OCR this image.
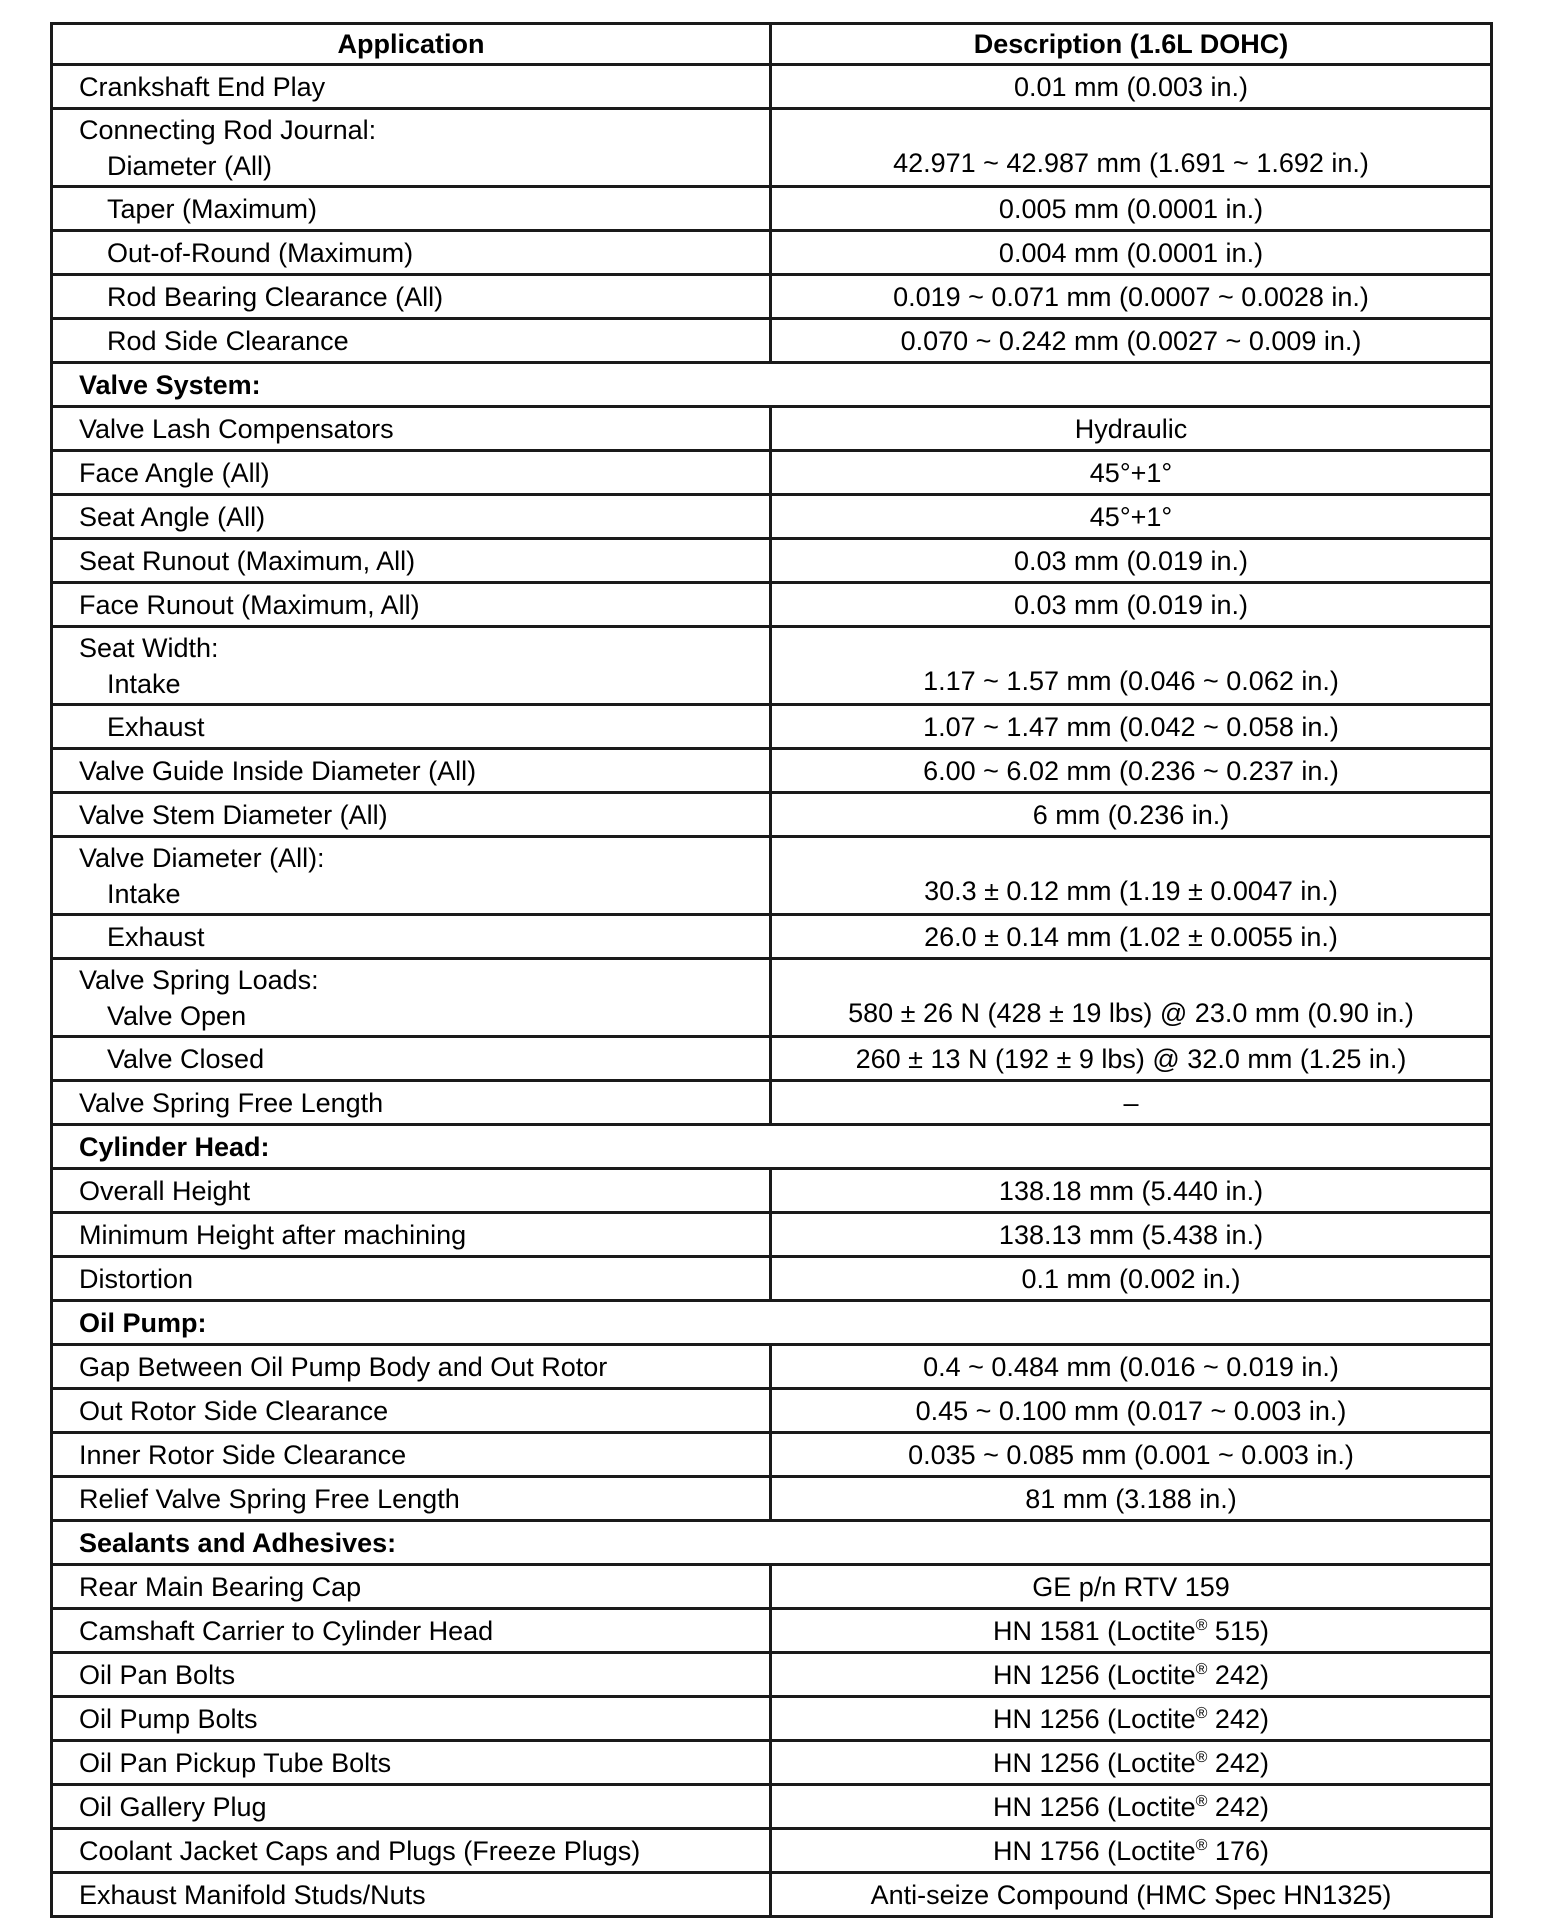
Application	Description (1.6L DOHC)
Crankshaft End Play	0.01 mm (0.003 in.)

Connecting Rod Journal:
Diameter (All)	42.971 ~ 42.987 mm (1.691 ~ 1.692 in.)

Taper (Maximum)	0.005 mm (0.0001 in.)

Out-of-Round (Maximum)	0.004 mm (0.0001 in.)

Rod Bearing Clearance (All)	0.019 ~ 0.071 mm (0.0007 ~ 0.0028 in.)

Rod Side Clearance	0.070 ~ 0.242 mm (0.0027 ~ 0.009 in.)
Valve System:	
Valve Lash Compensators	Hydraulic
Face Angle (All)	45°+1°
Seat Angle (All)	45°+1°
Seat Runout (Maximum, All)	0.03 mm (0.019 in.)
Face Runout (Maximum, All)	0.03 mm (0.019 in.)

Seat Width:
Intake	1.17 ~ 1.57 mm (0.046 ~ 0.062 in.)

Exhaust	1.07 ~ 1.47 mm (0.042 ~ 0.058 in.)
Valve Guide Inside Diameter (All)	6.00 ~ 6.02 mm (0.236 ~ 0.237 in.)
Valve Stem Diameter (All)	6 mm (0.236 in.)

Valve Diameter (All):
Intake	30.3 ± 0.12 mm (1.19 ± 0.0047 in.)

Exhaust	26.0 ± 0.14 mm (1.02 ± 0.0055 in.)

Valve Spring Loads:
Valve Open	580 ± 26 N (428 ± 19 lbs) @ 23.0 mm (0.90 in.)

Valve Closed	260 ± 13 N (192 ± 9 lbs) @ 32.0 mm (1.25 in.)
Valve Spring Free Length	–
Cylinder Head:	
Overall Height	138.18 mm (5.440 in.)
Minimum Height after machining	138.13 mm (5.438 in.)
Distortion	0.1 mm (0.002 in.)
Oil Pump:	
Gap Between Oil Pump Body and Out Rotor	0.4 ~ 0.484 mm (0.016 ~ 0.019 in.)
Out Rotor Side Clearance	0.45 ~ 0.100 mm (0.017 ~ 0.003 in.)
Inner Rotor Side Clearance	0.035 ~ 0.085 mm (0.001 ~ 0.003 in.)
Relief Valve Spring Free Length	81 mm (3.188 in.)
Sealants and Adhesives:	
Rear Main Bearing Cap	GE p/n RTV 159
Camshaft Carrier to Cylinder Head	HN 1581 (Loctite® 515)
Oil Pan Bolts	HN 1256 (Loctite® 242)
Oil Pump Bolts	HN 1256 (Loctite® 242)
Oil Pan Pickup Tube Bolts	HN 1256 (Loctite® 242)
Oil Gallery Plug	HN 1256 (Loctite® 242)
Coolant Jacket Caps and Plugs (Freeze Plugs)	HN 1756 (Loctite® 176)
Exhaust Manifold Studs/Nuts	Anti-seize Compound (HMC Spec HN1325)
